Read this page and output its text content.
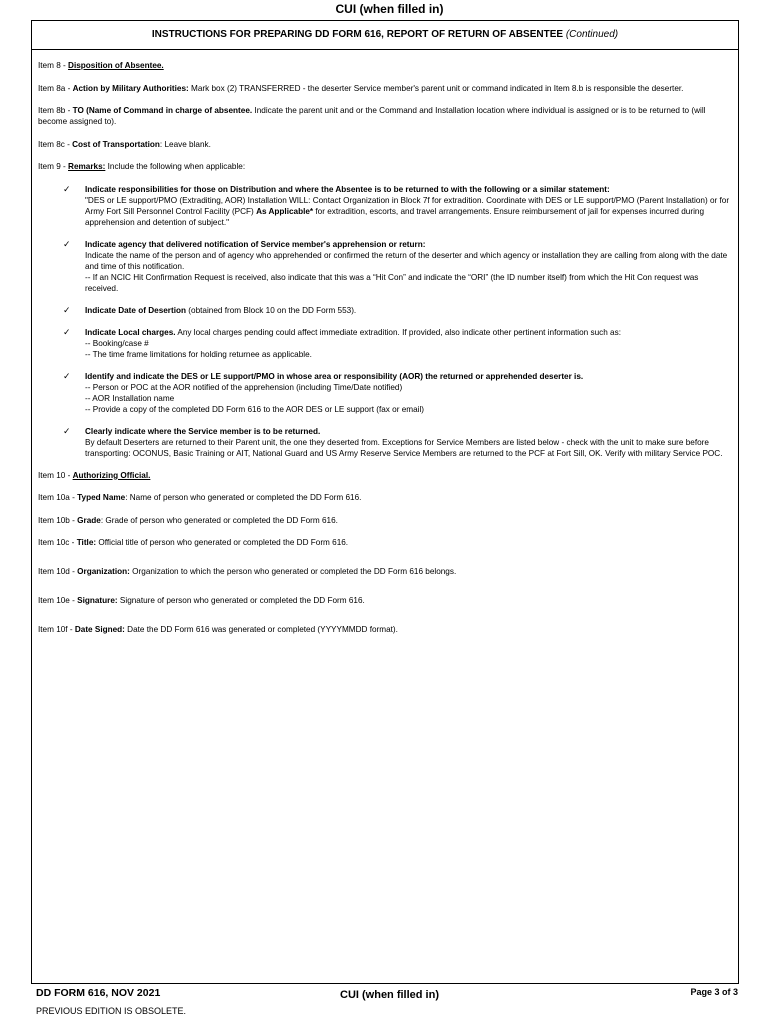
CUI (when filled in)
INSTRUCTIONS FOR PREPARING DD FORM 616, REPORT OF RETURN OF ABSENTEE (Continued)
Item 8 - Disposition of Absentee.
Item 8a - Action by Military Authorities: Mark box (2) TRANSFERRED - the deserter Service member's parent unit or command indicated in Item 8.b is responsible the deserter.
Item 8b - TO (Name of Command in charge of absentee. Indicate the parent unit and or the Command and Installation location where individual is assigned or is to be returned to (will become assigned to).
Item 8c - Cost of Transportation: Leave blank.
Item 9 - Remarks: Include the following when applicable:
✓ Indicate responsibilities for those on Distribution and where the Absentee is to be returned to with the following or a similar statement:
"DES or LE support/PMO (Extraditing, AOR) Installation WILL: Contact Organization in Block 7f for extradition. Coordinate with DES or LE support/PMO (Parent Installation) or for Army Fort Sill Personnel Control Facility (PCF) As Applicable* for extradition, escorts, and travel arrangements. Ensure reimbursement of jail for expenses incurred during apprehension and detention of subject."
✓ Indicate agency that delivered notification of Service member's apprehension or return:
Indicate the name of the person and of agency who apprehended or confirmed the return of the deserter and which agency or installation they are calling from along with the date and time of this notification.
-- If an NCIC Hit Confirmation Request is received, also indicate that this was a “Hit Con” and indicate the “ORI” (the ID number itself) from which the Hit Con request was received.
✓ Indicate Date of Desertion (obtained from Block 10 on the DD Form 553).
✓ Indicate Local charges. Any local charges pending could affect immediate extradition. If provided, also indicate other pertinent information such as:
-- Booking/case #
-- The time frame limitations for holding returnee as applicable.
✓ Identify and indicate the DES or LE support/PMO in whose area or responsibility (AOR) the returned or apprehended deserter is.
-- Person or POC at the AOR notified of the apprehension (including Time/Date notified)
-- AOR Installation name
-- Provide a copy of the completed DD Form 616 to the AOR DES or LE support (fax or email)
✓ Clearly indicate where the Service member is to be returned.
By default Deserters are returned to their Parent unit, the one they deserted from. Exceptions for Service Members are listed below - check with the unit to make sure before transporting: OCONUS, Basic Training or AIT, National Guard and US Army Reserve Service Members are returned to the PCF at Fort Sill, OK. Verify with military Service POC.
Item 10 - Authorizing Official.
Item 10a - Typed Name: Name of person who generated or completed the DD Form 616.
Item 10b - Grade: Grade of person who generated or completed the DD Form 616.
Item 10c - Title: Official title of person who generated or completed the DD Form 616.
Item 10d - Organization: Organization to which the person who generated or completed the DD Form 616 belongs.
Item 10e - Signature: Signature of person who generated or completed the DD Form 616.
Item 10f - Date Signed: Date the DD Form 616 was generated or completed (YYYYMMDD format).
DD FORM 616, NOV 2021	CUI (when filled in)	Page 3 of 3
PREVIOUS EDITION IS OBSOLETE.
